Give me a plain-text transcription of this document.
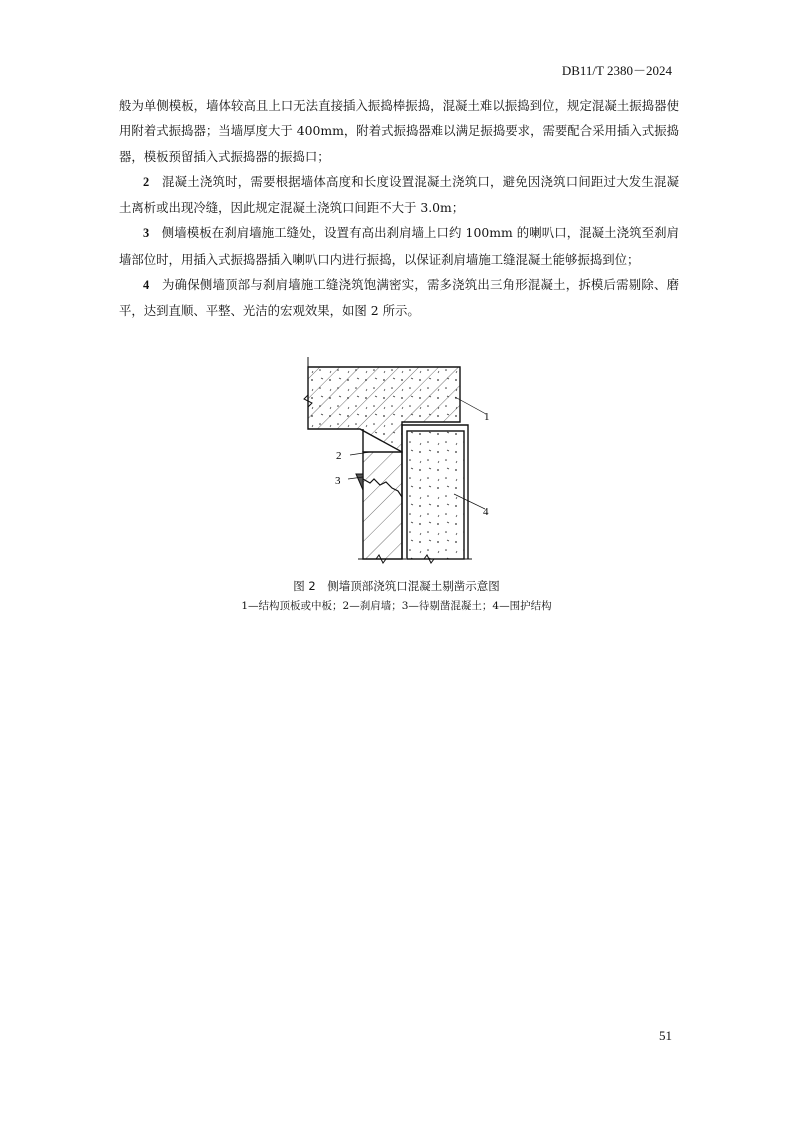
DB11/T 2380－2024

般为单侧模板，墙体较高且上口无法直接插入振捣棒振捣，混凝土难以振捣到位，规定混凝土振捣器使用附着式振捣器；当墙厚度大于 400mm，附着式振捣器难以满足振捣要求，需要配合采用插入式振捣器，模板预留插入式振捣器的振捣口；

2　 混凝土浇筑时，需要根据墙体高度和长度设置混凝土浇筑口，避免因浇筑口间距过大发生混凝土离析或出现冷缝，因此规定混凝土浇筑口间距不大于 3.0m；

3　 侧墙模板在刹肩墙施工缝处，设置有高出刹肩墙上口约 100mm 的喇叭口，混凝土浇筑至刹肩墙部位时，用插入式振捣器插入喇叭口内进行振捣，以保证刹肩墙施工缝混凝土能够振捣到位；

4　 为确保侧墙顶部与刹肩墙施工缝浇筑饱满密实，需多浇筑出三角形混凝土，拆模后需剔除、磨平，达到直顺、平整、光洁的宏观效果，如图 2 所示。

1
2
3
4
图 2　侧墙顶部浇筑口混凝土剔凿示意图
1—结构顶板或中板；2—刹肩墙；3—待剔凿混凝土；4—围护结构
51
